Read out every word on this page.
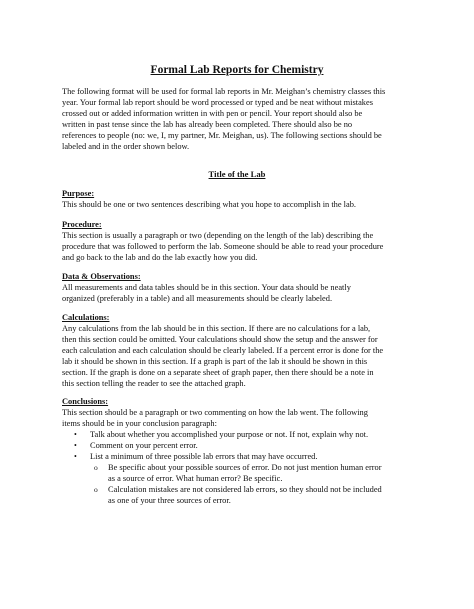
Formal Lab Reports for Chemistry
The following format will be used for formal lab reports in Mr. Meighan’s chemistry classes this
year. Your formal lab report should be word processed or typed and be neat without mistakes
crossed out or added information written in with pen or pencil. Your report should also be
written in past tense since the lab has already been completed. There should also be no
references to people (no: we, I, my partner, Mr. Meighan, us). The following sections should be
labeled and in the order shown below.
Title of the Lab
Purpose:
This should be one or two sentences describing what you hope to accomplish in the lab.
Procedure:
This section is usually a paragraph or two (depending on the length of the lab) describing the
procedure that was followed to perform the lab. Someone should be able to read your procedure
and go back to the lab and do the lab exactly how you did.
Data & Observations:
All measurements and data tables should be in this section. Your data should be neatly
organized (preferably in a table) and all measurements should be clearly labeled.
Calculations:
Any calculations from the lab should be in this section. If there are no calculations for a lab,
then this section could be omitted. Your calculations should show the setup and the answer for
each calculation and each calculation should be clearly labeled. If a percent error is done for the
lab it should be shown in this section. If a graph is part of the lab it should be shown in this
section. If the graph is done on a separate sheet of graph paper, then there should be a note in
this section telling the reader to see the attached graph.
Conclusions:
This section should be a paragraph or two commenting on how the lab went. The following
items should be in your conclusion paragraph:
• Talk about whether you accomplished your purpose or not. If not, explain why not.
• Comment on your percent error.
• List a minimum of three possible lab errors that may have occurred.
o Be specific about your possible sources of error. Do not just mention human error
as a source of error. What human error? Be specific.
o Calculation mistakes are not considered lab errors, so they should not be included
as one of your three sources of error.
